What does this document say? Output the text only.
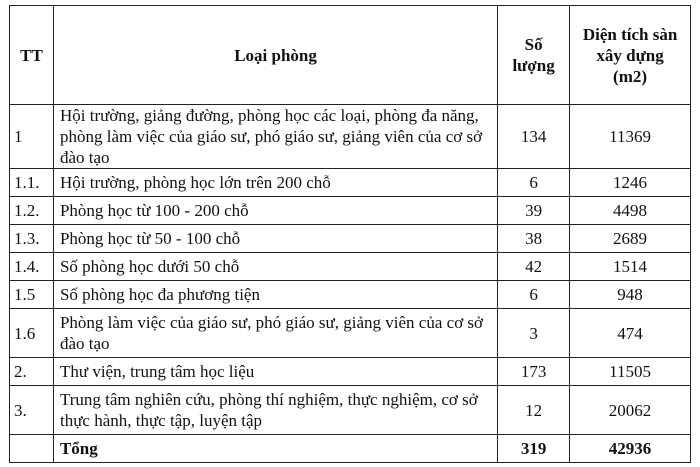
TT	Loại phòng	Số lượng	Diện tích sàn xây dựng (m2)
1	Hội trường, giảng đường, phòng học các loại, phòng đa năng, phòng làm việc của giáo sư, phó giáo sư, giảng viên của cơ sở đào tạo	134	11369
1.1.	Hội trường, phòng học lớn trên 200 chỗ	6	1246
1.2.	Phòng học từ 100 - 200 chỗ	39	4498
1.3.	Phòng học từ 50 - 100 chỗ	38	2689
1.4.	Số phòng học dưới 50 chỗ	42	1514
1.5	Số phòng học đa phương tiện	6	948
1.6	Phòng làm việc của giáo sư, phó giáo sư, giảng viên của cơ sở đào tạo	3	474
2.	Thư viện, trung tâm học liệu	173	11505
3.	Trung tâm nghiên cứu, phòng thí nghiệm, thực nghiệm, cơ sở thực hành, thực tập, luyện tập	12	20062
	Tổng	319	42936
